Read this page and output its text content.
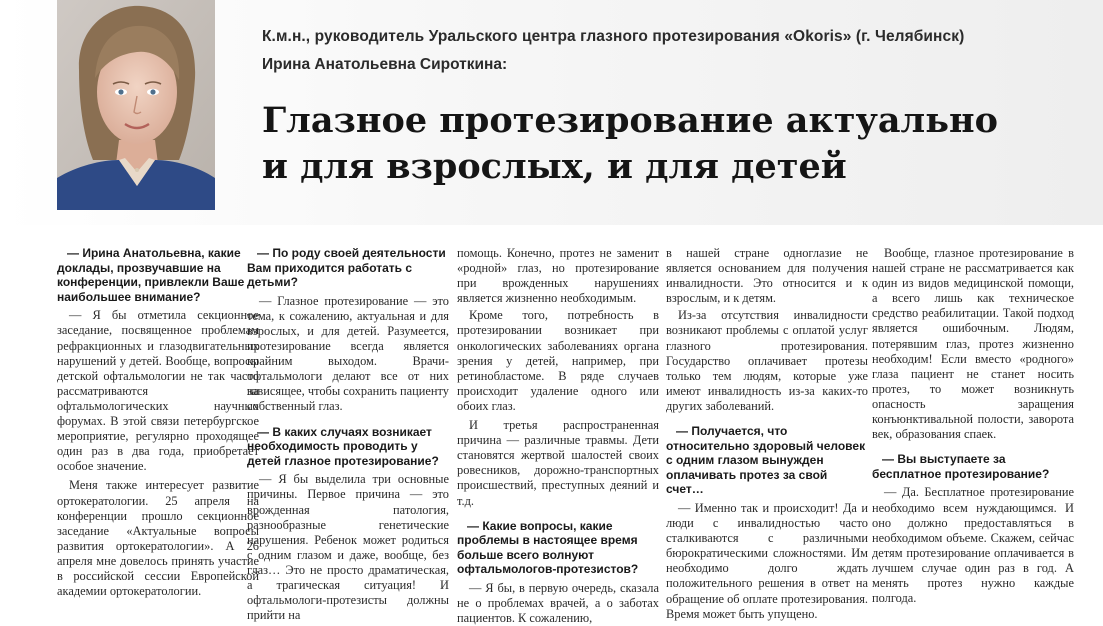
К.м.н., руководитель Уральского центра глазного протезирования «Okoris» (г. Челябинск)
Ирина Анатольевна Сироткина:
Глазное протезирование актуально
и для взрослых, и для детей

— Ирина Анатольевна, какие доклады, прозвучавшие на конференции, привлекли Ваше наибольшее внимание?

— Я бы отметила секционное заседание, посвященное проблемам рефракционных и глазодвигательных нарушений у детей. Вообще, вопросы детской офтальмологии не так часто рассматриваются на офтальмологических научных форумах. В этой связи петербургское мероприятие, регулярно проходящее один раз в два года, приобретает особое значение.

Меня также интересует развитие ортокератологии. 25 апреля на конференции прошло секционное заседание «Актуальные вопросы развития ортокератологии». А 26 апреля мне довелось принять участие в российской сессии Европейской академии ортокератологии.

— По роду своей деятельности Вам приходится работать с детьми?

— Глазное протезирование — это тема, к сожалению, актуальная и для взрослых, и для детей. Разумеется, протезирование всегда является крайним выходом. Врачи-офтальмологи делают все от них зависящее, чтобы сохранить пациенту собственный глаз.

— В каких случаях возникает необходимость проводить у детей глазное протезирование?

— Я бы выделила три основные причины. Первое причина — это врожденная патология, разнообразные генетические нарушения. Ребенок может родиться с одним глазом и даже, вообще, без глаз… Это не просто драматическая, а трагическая ситуация! И офтальмологи-протезисты должны прийти на

помощь. Конечно, протез не заменит «родной» глаз, но протезирование при врожденных нарушениях является жизненно необходимым.

Кроме того, потребность в протезировании возникает при онкологических заболеваниях органа зрения у детей, например, при ретинобластоме. В ряде случаев происходит удаление одного или обоих глаз.

И третья распространенная причина — различные травмы. Дети становятся жертвой шалостей своих ровесников, дорожно-транспортных происшествий, преступных деяний и т.д.

— Какие вопросы, какие проблемы в настоящее время больше всего волнуют офтальмологов-протезистов?

— Я бы, в первую очередь, сказала не о проблемах врачей, а о заботах пациентов. К сожалению,

в нашей стране одноглазие не является основанием для получения инвалидности. Это относится и к взрослым, и к детям.

Из-за отсутствия инвалидности возникают проблемы с оплатой услуг глазного протезирования. Государство оплачивает протезы только тем людям, которые уже имеют инвалидность из-за каких-то других заболеваний.

— Получается, что относительно здоровый человек с одним глазом вынужден оплачивать протез за свой счет…

— Именно так и происходит! Да и люди с инвалидностью часто сталкиваются с различными бюрократическими сложностями. Им необходимо долго ждать положительного решения в ответ на обращение об оплате протезирования. Время может быть упущено.

Вообще, глазное протезирование в нашей стране не рассматривается как один из видов медицинской помощи, а всего лишь как техническое средство реабилитации. Такой подход является ошибочным. Людям, потерявшим глаз, протез жизненно необходим! Если вместо «родного» глаза пациент не станет носить протез, то может возникнуть опасность заращения конъюнктивальной полости, заворота век, образования спаек.

— Вы выступаете за бесплатное протезирование?

— Да. Бесплатное протезирование необходимо всем нуждающимся. И оно должно предоставляться в необходимом объеме. Скажем, сейчас детям протезирование оплачивается в лучшем случае один раз в год. А менять протез нужно каждые полгода.
